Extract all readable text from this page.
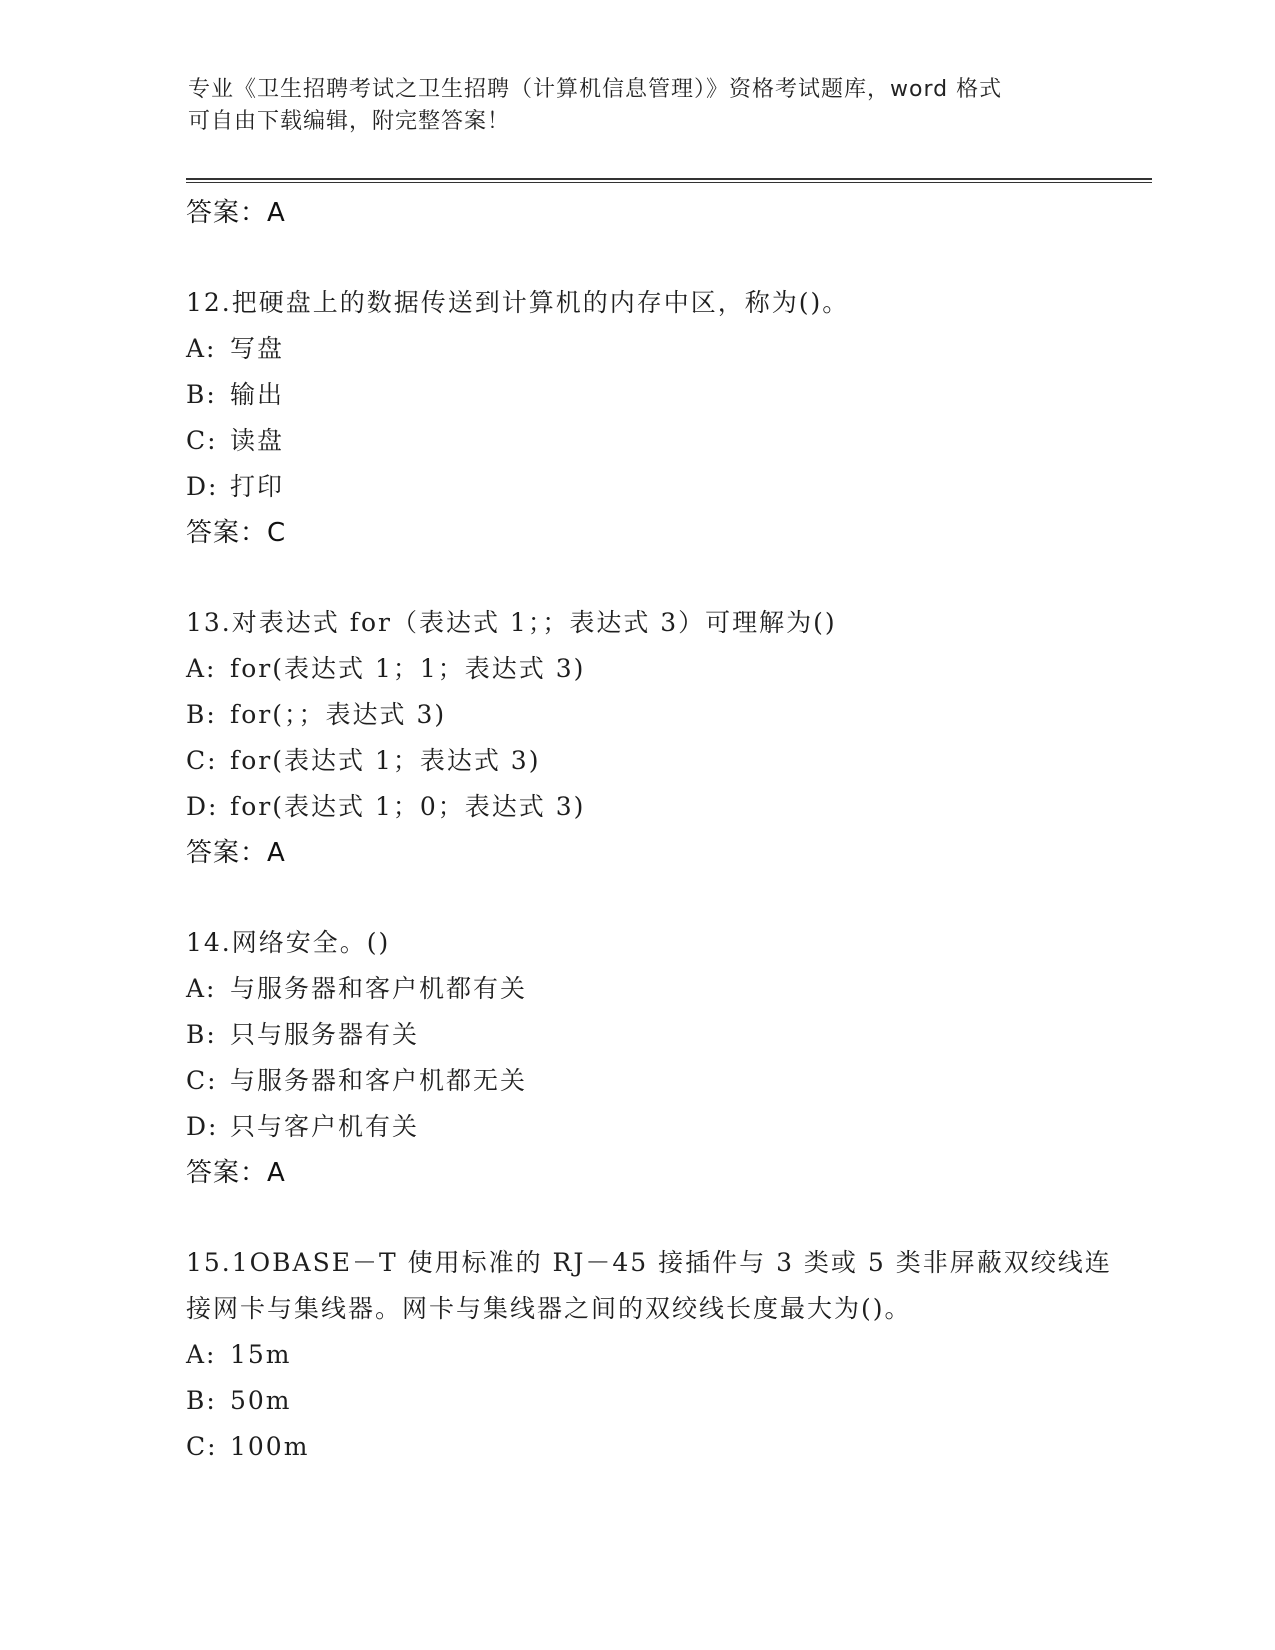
专业《卫生招聘考试之卫生招聘（计算机信息管理）》资格考试题库，word 格式
可自由下载编辑，附完整答案！
答案：A
12.把硬盘上的数据传送到计算机的内存中区，称为()。
A: 写盘
B: 输出
C: 读盘
D: 打印
答案：C
13.对表达式 for（表达式 1；；表达式 3）可理解为()
A: for(表达式 1；1；表达式 3)
B: for(；；表达式 3)
C: for(表达式 1；表达式 3)
D: for(表达式 1；0；表达式 3)
答案：A
14.网络安全。()
A: 与服务器和客户机都有关
B: 只与服务器有关
C: 与服务器和客户机都无关
D: 只与客户机有关
答案：A
15.1OBASE－T 使用标准的 RJ－45 接插件与 3 类或 5 类非屏蔽双绞线连
接网卡与集线器。网卡与集线器之间的双绞线长度最大为()。
A: 15m
B: 50m
C: 100m
